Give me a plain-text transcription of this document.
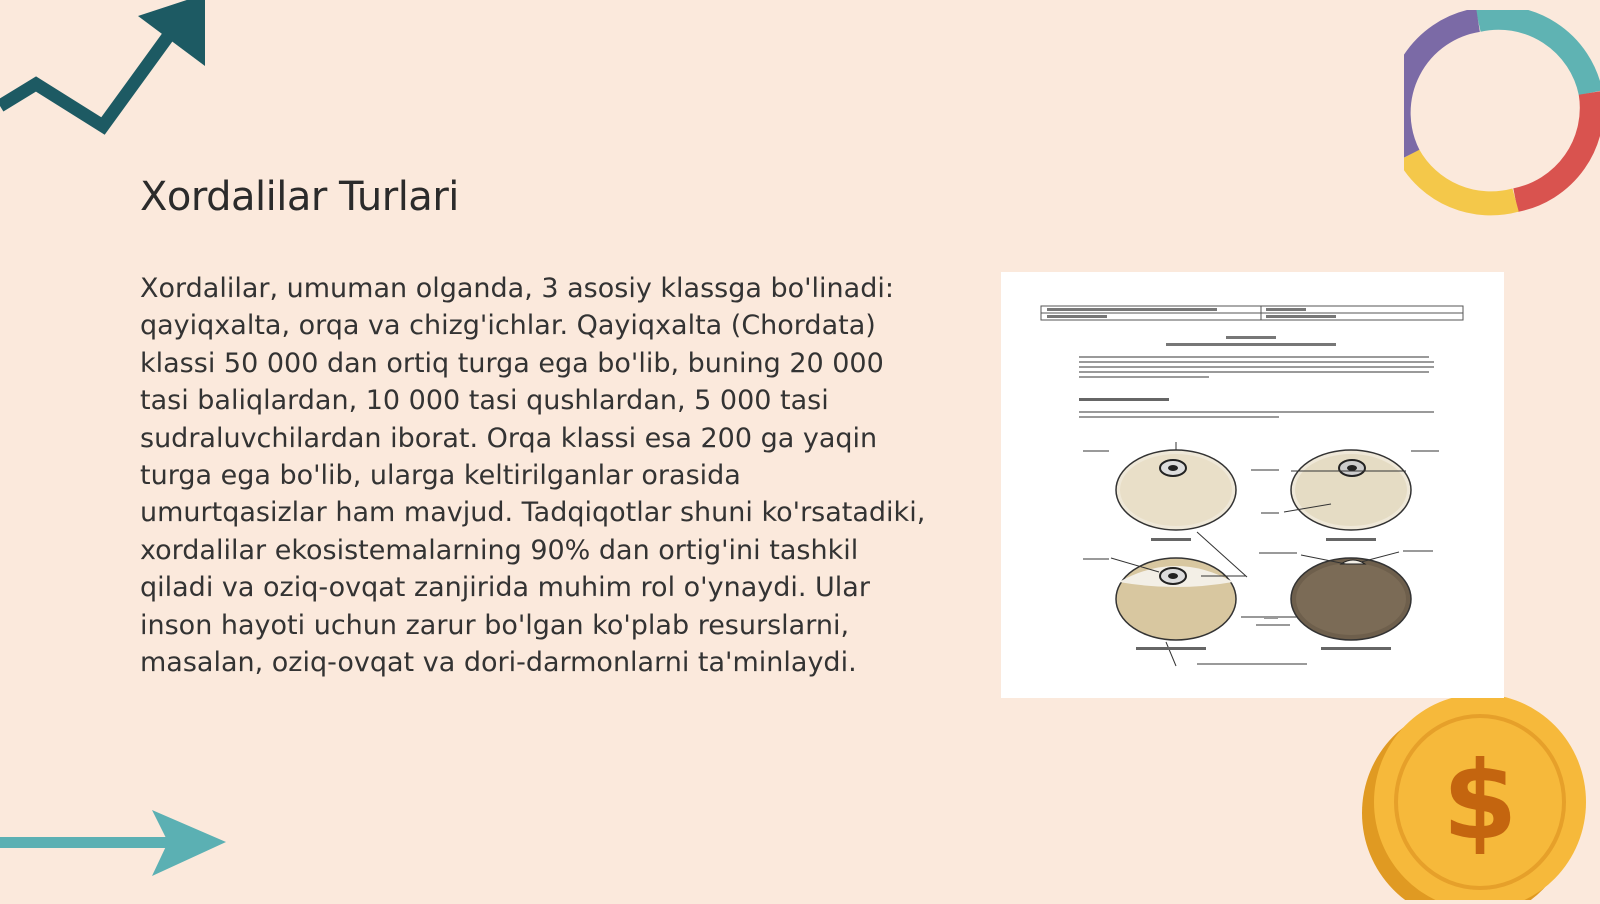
$
Xordalilar Turlari

Xordalilar, umuman olganda, 3 asosiy klassga bo'linadi: qayiqxalta, orqa va chizg'ichlar. Qayiqxalta (Chordata) klassi 50 000 dan ortiq turga ega bo'lib, buning 20 000 tasi baliqlardan, 10 000 tasi qushlardan, 5 000 tasi sudraluvchilardan iborat. Orqa klassi esa 200 ga yaqin turga ega bo'lib, ularga keltirilganlar orasida umurtqasizlar ham mavjud. Tadqiqotlar shuni ko'rsatadiki, xordalilar ekosistemalarning 90% dan ortig'ini tashkil qiladi va oziq-ovqat zanjirida muhim rol o'ynaydi. Ular inson hayoti uchun zarur bo'lgan ko'plab resurslarni, masalan, oziq-ovqat va dori-darmonlarni ta'minlaydi.
